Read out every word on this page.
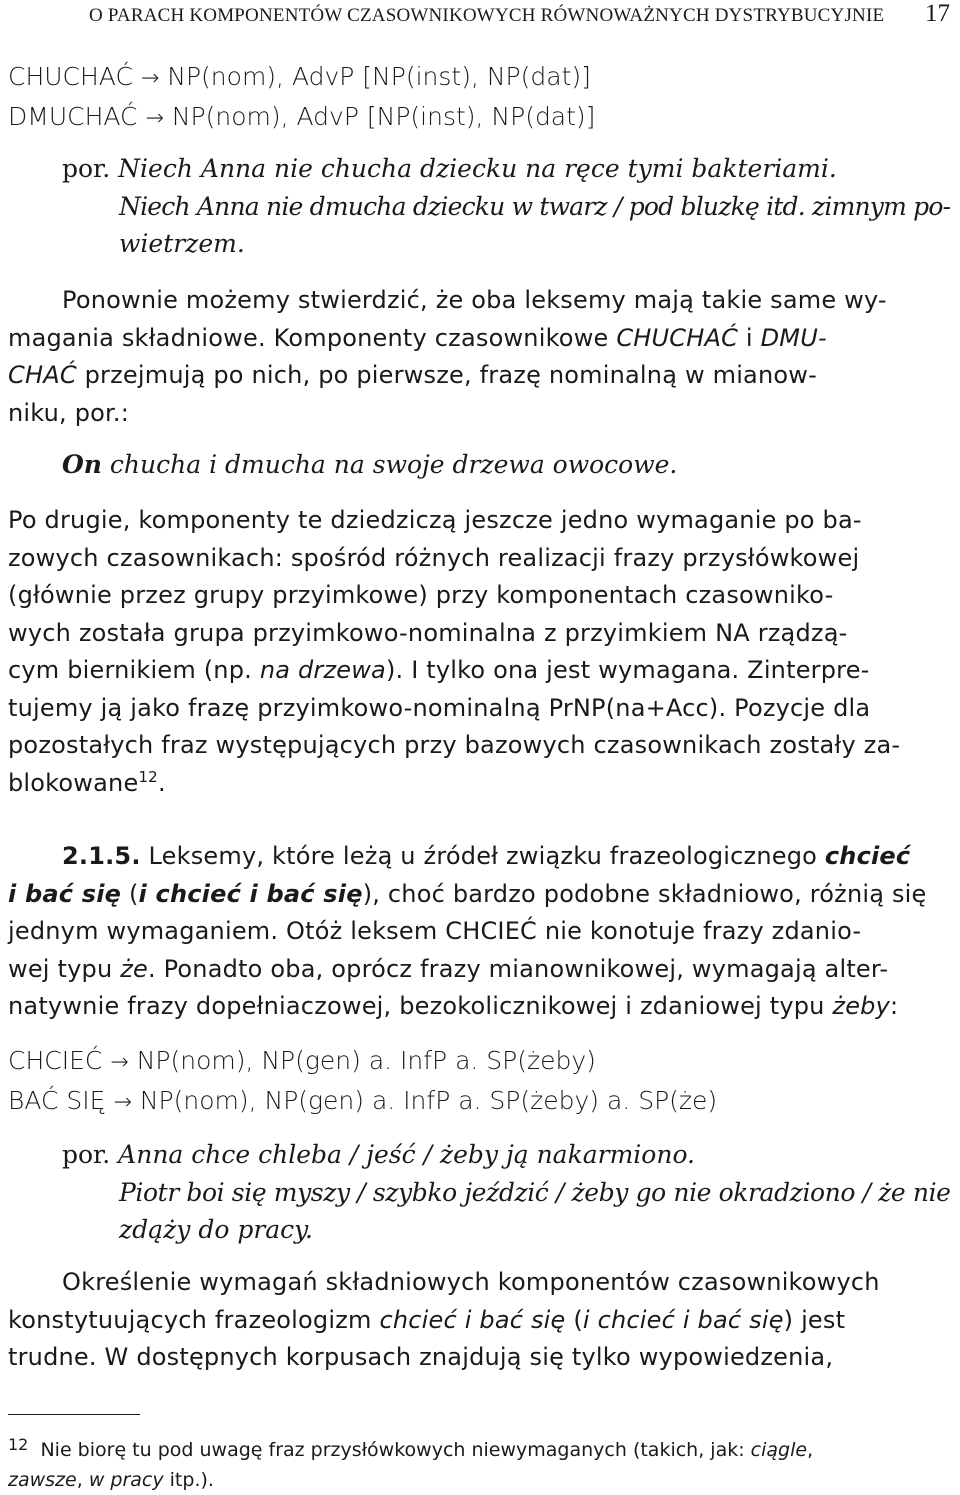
O PARACH KOMPONENTÓW CZASOWNIKOWYCH RÓWNOWAŻNYCH DYSTRYBUCYJNIE 17
CHUCHAĆ → NP(nom), AdvP [NP(inst), NP(dat)]
DMUCHAĆ → NP(nom), AdvP [NP(inst), NP(dat)]
por. Niech Anna nie chucha dziecku na ręce tymi bakteriami.
Niech Anna nie dmucha dziecku w twarz / pod bluzkę itd. zimnym po-
wietrzem.
Ponownie możemy stwierdzić, że oba leksemy mają takie same wy-
magania składniowe. Komponenty czasownikowe CHUCHAĆ i DMU-
CHAĆ przejmują po nich, po pierwsze, frazę nominalną w mianow-
niku, por.:
On chucha i dmucha na swoje drzewa owocowe.
Po drugie, komponenty te dziedziczą jeszcze jedno wymaganie po ba-
zowych czasownikach: spośród różnych realizacji frazy przysłówkowej
(głównie przez grupy przyimkowe) przy komponentach czasowniko-
wych została grupa przyimkowo-nominalna z przyimkiem NA rządzą-
cym biernikiem (np. na drzewa). I tylko ona jest wymagana. Zinterpre-
tujemy ją jako frazę przyimkowo-nominalną PrNP(na+Acc). Pozycje dla
pozostałych fraz występujących przy bazowych czasownikach zostały za-
blokowane$^{12}$.
2.1.5. Leksemy, które leżą u źródeł związku frazeologicznego chcieć
i bać się (i chcieć i bać się), choć bardzo podobne składniowo, różnią się
jednym wymaganiem. Otóż leksem CHCIEĆ nie konotuje frazy zdanio-
wej typu że. Ponadto oba, oprócz frazy mianownikowej, wymagają alter-
natywnie frazy dopełniaczowej, bezokolicznikowej i zdaniowej typu żeby:
CHCIEĆ → NP(nom), NP(gen) a. InfP a. SP(żeby)
BAĆ SIĘ → NP(nom), NP(gen) a. InfP a. SP(żeby) a. SP(że)
por. Anna chce chleba / jeść / żeby ją nakarmiono.
Piotr boi się myszy / szybko jeździć / żeby go nie okradziono / że nie
zdąży do pracy.
Określenie wymagań składniowych komponentów czasownikowych
konstytuujących frazeologizm chcieć i bać się (i chcieć i bać się) jest
trudne. W dostępnych korpusach znajdują się tylko wypowiedzenia,
$^{12}$ Nie biorę tu pod uwagę fraz przysłówkowych niewymaganych (takich, jak: ciągle,
zawsze, w pracy itp.).
